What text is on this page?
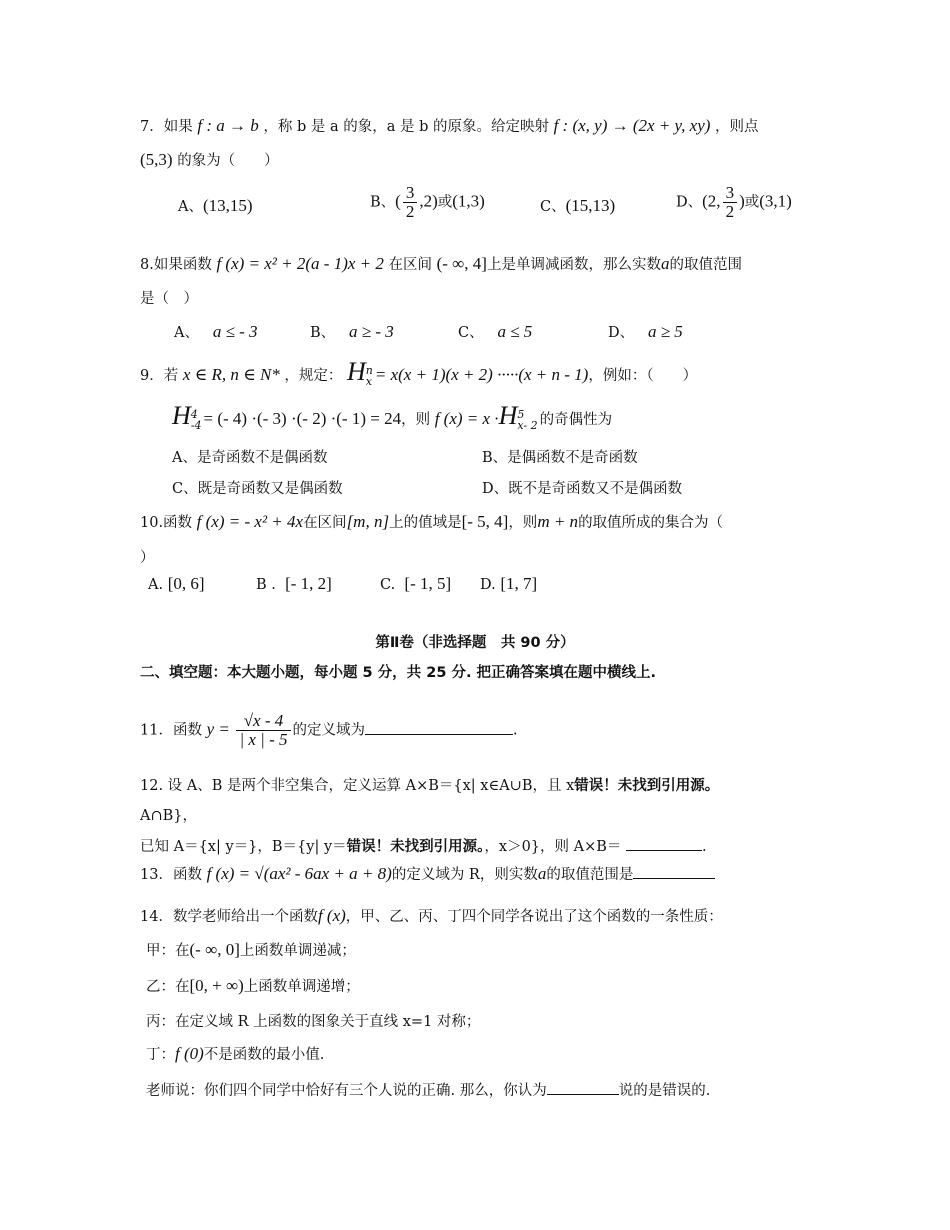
7．如果 f : a → b ，称 b 是 a 的象，a 是 b 的原象。给定映射 f : (x, y) → (2x + y, xy) ，则点
(5,3) 的象为（　　）
A、(13,15)	B、( $\frac{3}{2} ,2$)或(1,3)	C、(15,13)	D、(2, $\frac{3}{2}$ )或(3,1)
8.如果函数 f (x) = x² + 2(a - 1)x + 2 在区间 (- ∞, 4]上是单调减函数，那么实数a的取值范围
是（　）
A、 a ≤ - 3	B、 a ≥ - 3	C、 a ≤ 5	D、 a ≥ 5
9．若 x ∈ R, n ∈ N* ，规定： H n
x = x(x + 1)(x + 2) ·····(x + n - 1)，例如：（　　）
H 4
-4 = (- 4) ·(- 3) ·(- 2) ·(- 1) = 24，则 f (x) = x ·H 5
x- 2 的奇偶性为
A、是奇函数不是偶函数	B、是偶函数不是奇函数
C、既是奇函数又是偶函数	D、既不是奇函数又不是偶函数
10.函数 f (x) = - x² + 4x在区间[m, n]上的值域是[- 5, 4]，则m + n的取值所成的集合为（
）
A. [0, 6]	B . [- 1, 2]	C. [- 1, 5] D. [1, 7]
第Ⅱ卷（非选择题　共 90 分）
二、填空题：本大题小题，每小题 5 分，共 25 分. 把正确答案填在题中横线上.
11．函数 $y = \frac{√x - 4}{| x | - 5}$ 的定义域为	.
12. 设 A、B 是两个非空集合，定义运算 A×B＝{x| x∈A∪B，且 x错误！未找到引用源。
A∩B}，
已知 A＝{x| y＝}，B＝{y| y＝错误！未找到引用源。，x＞0}，则 A×B＝	.
13．函数 f (x) = √(ax² - 6ax + a + 8)的定义域为 R，则实数a的取值范围是
14．数学老师给出一个函数f (x)，甲、乙、丙、丁四个同学各说出了这个函数的一条性质：
甲：在(- ∞, 0]上函数单调递减；
乙：在[0, + ∞)上函数单调递增；
丙：在定义域 R 上函数的图象关于直线 x=1 对称；
丁：f (0)不是函数的最小值.
老师说：你们四个同学中恰好有三个人说的正确. 那么，你认为	说的是错误的.
